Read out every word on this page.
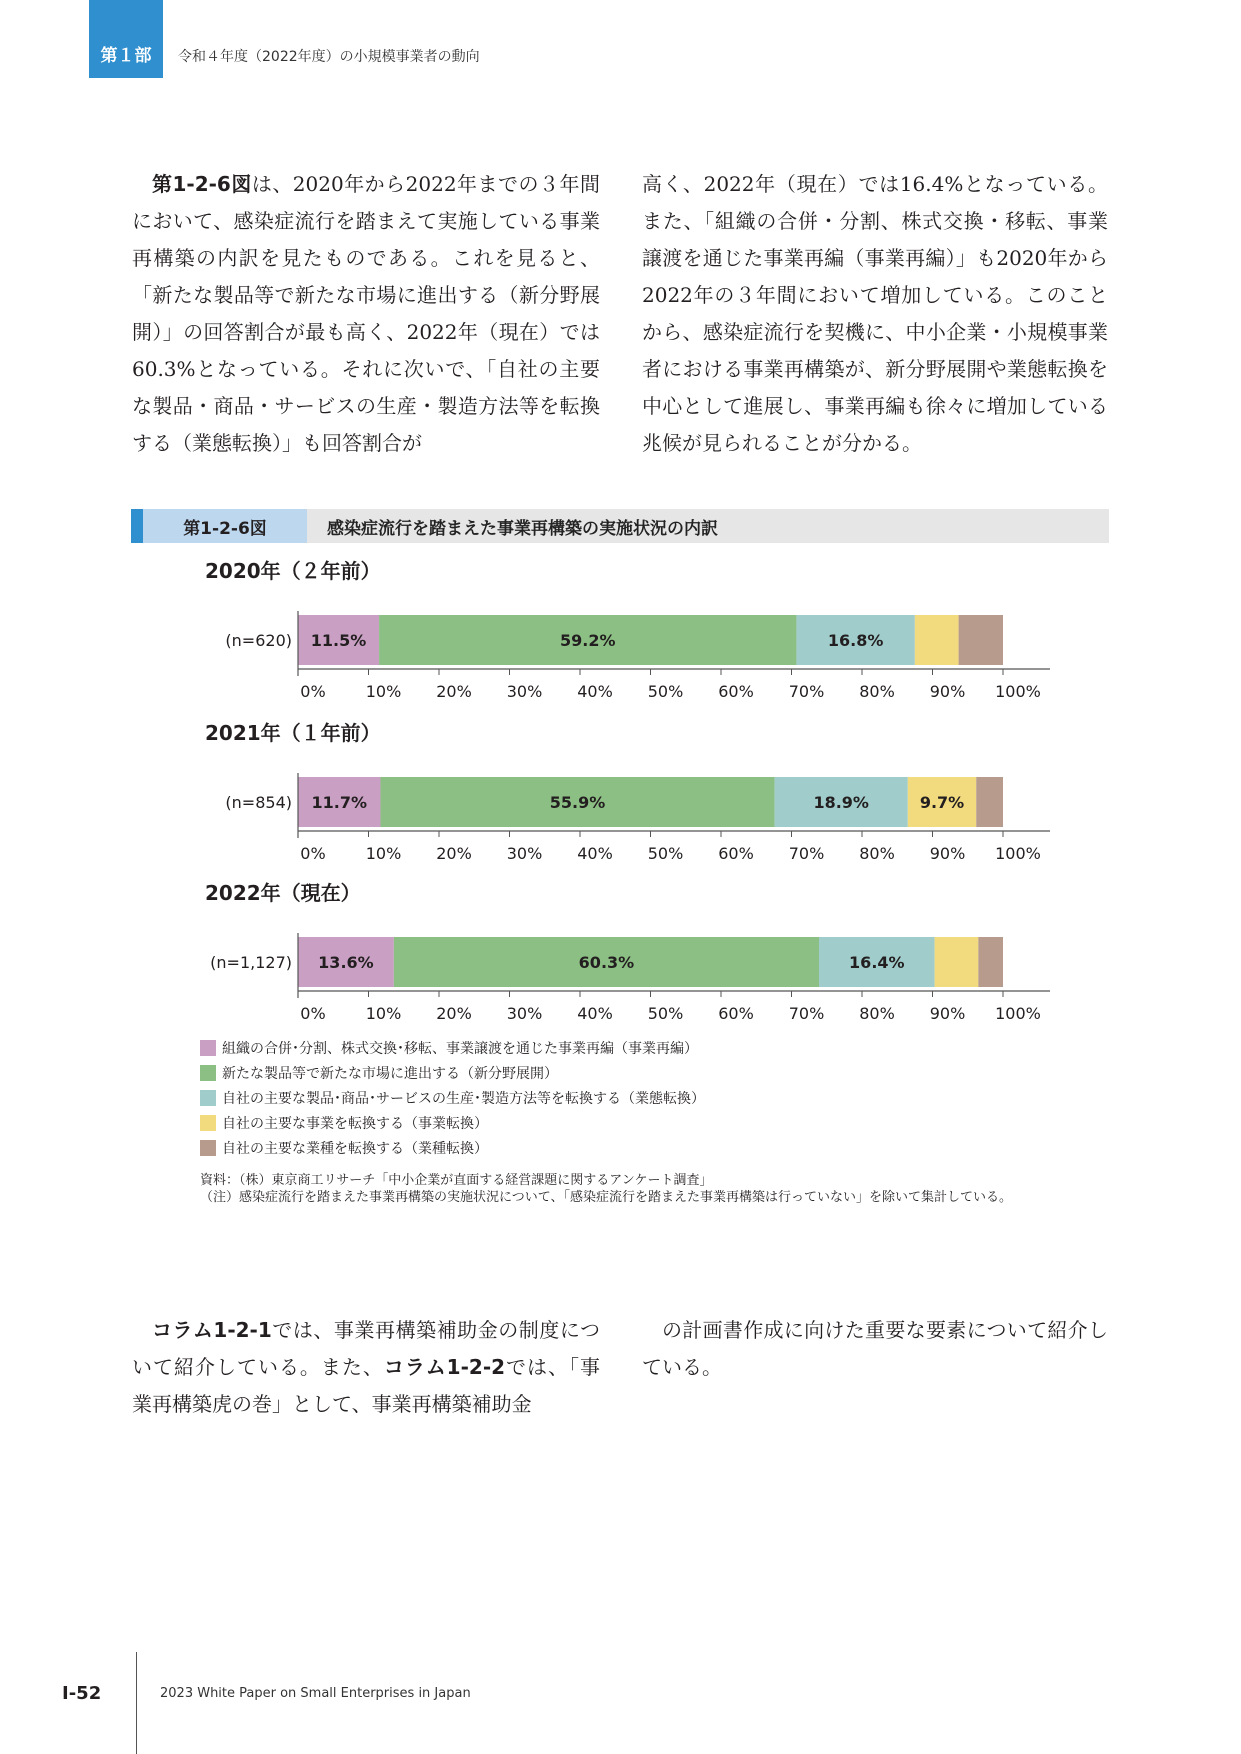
第１部 令和４年度（2022年度）の小規模事業者の動向

第1-2-6図は、2020年から2022年までの３年間において、感染症流行を踏まえて実施している事業再構築の内訳を見たものである。これを見ると、「新たな製品等で新たな市場に進出する（新分野展開）」の回答割合が最も高く、2022年（現在）では60.3%となっている。それに次いで、「自社の主要な製品・商品・サービスの生産・製造方法等を転換する（業態転換）」も回答割合が

高く、2022年（現在）では16.4%となっている。また、「組織の合併・分割、株式交換・移転、事業譲渡を通じた事業再編（事業再編）」も2020年から2022年の３年間において増加している。このことから、感染症流行を契機に、中小企業・小規模事業者における事業再構築が、新分野展開や業態転換を中心として進展し、事業再編も徐々に増加している兆候が見られることが分かる。

第1-2-6図	感染症流行を踏まえた事業再構築の実施状況の内訳
2020年（２年前）
(n=620) 11.5%	59.2%	16.8%
0%	10% 20% 30% 40% 50% 60% 70% 80% 90% 100%
2021年（１年前）
(n=854) 11.7%	55.9%	18.9%	9.7%
0%	10% 20% 30% 40% 50% 60% 70% 80% 90% 100%
2022年（現在）
(n=1,127) 13.6%	60.3%	16.4%
0%	10% 20% 30% 40% 50% 60% 70% 80% 90% 100%
組織の合併･分割、株式交換･移転、事業譲渡を通じた事業再編（事業再編）
新たな製品等で新たな市場に進出する（新分野展開）
自社の主要な製品･商品･サービスの生産･製造方法等を転換する（業態転換）
自社の主要な事業を転換する（事業転換）
自社の主要な業種を転換する（業種転換）
資料：（株）東京商工リサーチ「中小企業が直面する経営課題に関するアンケート調査」
（注）感染症流行を踏まえた事業再構築の実施状況について、「感染症流行を踏まえた事業再構築は行っていない」を除いて集計している。

コラム1-2-1では、事業再構築補助金の制度について紹介している。また、コラム1-2-2では、「事業再構築虎の巻」として、事業再構築補助金

の計画書作成に向けた重要な要素について紹介している。

I-52	2023 White Paper on Small Enterprises in Japan
